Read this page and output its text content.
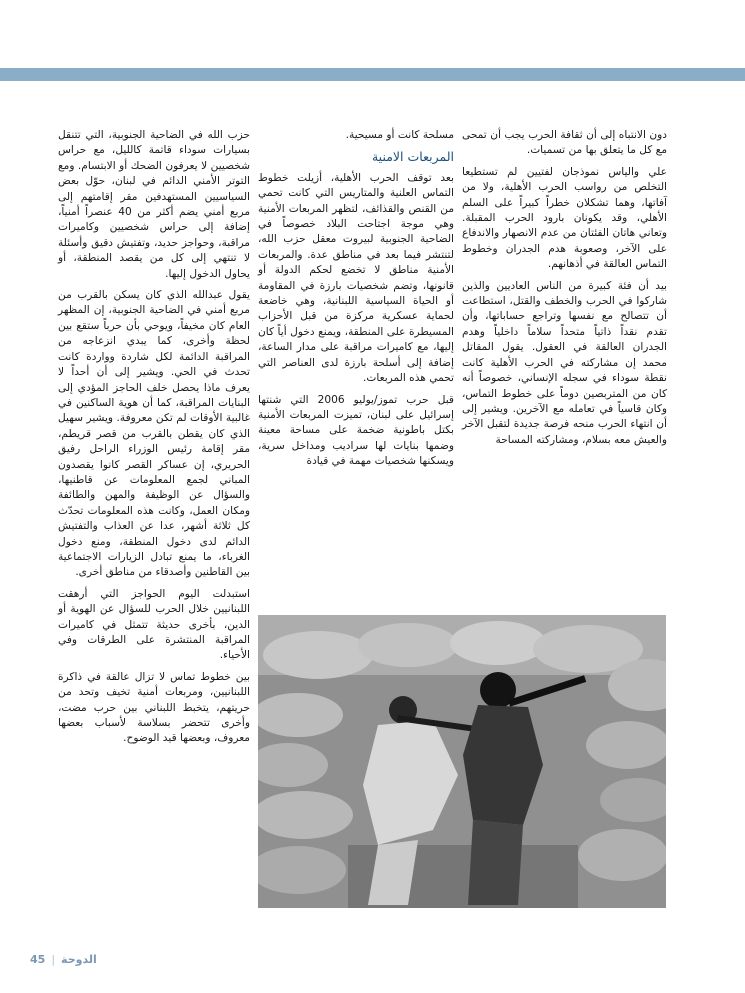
دون الانتباه إلى أن ثقافة الحرب يجب أن تمحى مع كل ما يتعلق بها من تسميات.

علي والياس نموذجان لفتيين لم تستطيعا التخلص من رواسب الحرب الأهلية، ولا من آفاتها، وهما تشكلان خطراً كبيراً على السلم الأهلي، وقد يكونان بارود الحرب المقبلة. وتعاني هاتان الفئتان من عدم الانصهار والاندفاع على الآخر، وصعوبة هدم الجدران وخطوط التماس العالقة في أذهانهم.

بيد أن فئة كبيرة من الناس العاديين والذين شاركوا في الحرب والخطف والقتل، استطاعت أن تتصالح مع نفسها وتراجع حساباتها، وأن تقدم نقداً ذاتياً متحداً سلاماً داخلياً وهدم الجدران العالقة في العقول. يقول المقاتل محمد إن مشاركته في الحرب الأهلية كانت نقطة سوداء في سجله الإنساني، خصوصاً أنه كان من المتربصين دوماً على خطوط التماس، وكان قاسياً في تعامله مع الآخرين. ويشير إلى أن انتهاء الحرب منحه فرصة جديدة لتقبل الآخر والعيش معه بسلام، ومشاركته المساحة

مسلحة كانت أو مسيحية.

المربعات الامنية

بعد توقف الحرب الأهلية، أزيلت خطوط التماس العلنية والمتاريس التي كانت تحمي من القنص والقذائف، لتظهر المربعات الأمنية وهي موجة اجتاحت البلاد خصوصاً في الضاحية الجنوبية لبيروت معقل حزب الله، لتنتشر فيما بعد في مناطق عدة. والمربعات الأمنية مناطق لا تخضع لحكم الدولة أو قانونها، وتضم شخصيات بارزة في المقاومة أو الحياة السياسية اللبنانية، وهي خاضعة لحماية عسكرية مركزة من قبل الأحزاب المسيطرة على المنطقة، ويمنع دخول أياً كان إليها، مع كاميرات مراقبة على مدار الساعة، إضافة إلى أسلحة بارزة لدى العناصر التي تحمي هذه المربعات.

قبل حرب تموز/يوليو 2006 التي شنتها إسرائيل على لبنان، تميزت المربعات الأمنية بكتل باطونية ضخمة على مساحة معينة وضمها بنايات لها سراديب ومداخل سرية، ويسكنها شخصيات مهمة في قيادة

حزب الله في الضاحية الجنوبية، التي تتنقل بسيارات سوداء قاتمة كالليل، مع حراس شخصيين لا يعرفون الضحك أو الابتسام. ومع التوتر الأمني الدائم في لبنان، حوّل بعض السياسيين المستهدفين مقر إقامتهم إلى مربع أمني يضم أكثر من 40 عنصراً أمنياً، إضافة إلى حراس شخصيين وكاميرات مراقبة، وحواجز حديد، وتفتيش دقيق وأسئلة لا تنتهي إلى كل من يقصد المنطقة، أو يحاول الدخول إليها.

يقول عبدالله الذي كان يسكن بالقرب من مربع أمني في الضاحية الجنوبية، إن المظهر العام كان مخيفاً، ويوحي بأن حرباً ستقع بين لحظة وأخرى، كما يبدي انزعاجه من المراقبة الدائمة لكل شاردة وواردة كانت تحدث في الحي. ويشير إلى أن أحداً لا يعرف ماذا يحصل خلف الحاجز المؤدي إلى البنايات المراقبة، كما أن هوية الساكنين في غالبية الأوقات لم تكن معروفة. ويشير سهيل الذي كان يقطن بالقرب من قصر قريطم، مقر إقامة رئيس الوزراء الراحل رفيق الحريري، إن عساكر القصر كانوا يقصدون المباني لجمع المعلومات عن قاطنيها، والسؤال عن الوظيفة والمهن والطائفة ومكان العمل، وكانت هذه المعلومات تحدّث كل ثلاثة أشهر، عدا عن العذاب والتفتيش الدائم لدى دخول المنطقة، ومنع دخول الغرباء، ما يمنع تبادل الزيارات الاجتماعية بين القاطنين وأصدقاء من مناطق أخرى.

استبدلت اليوم الحواجز التي أرهقت اللبنانيين خلال الحرب للسؤال عن الهوية أو الدين، بأخرى حديثة تتمثل في كاميرات المراقبة المنتشرة على الطرقات وفي الأحياء.

بين خطوط تماس لا تزال عالقة في ذاكرة اللبنانيين، ومربعات أمنية تخيف وتحد من حريتهم، يتخبط اللبناني بين حرب مضت، وأخرى تتحضر بسلاسة لأسباب بعضها معروف، وبعضها قيد الوضوح.

الدوحة
|
45
